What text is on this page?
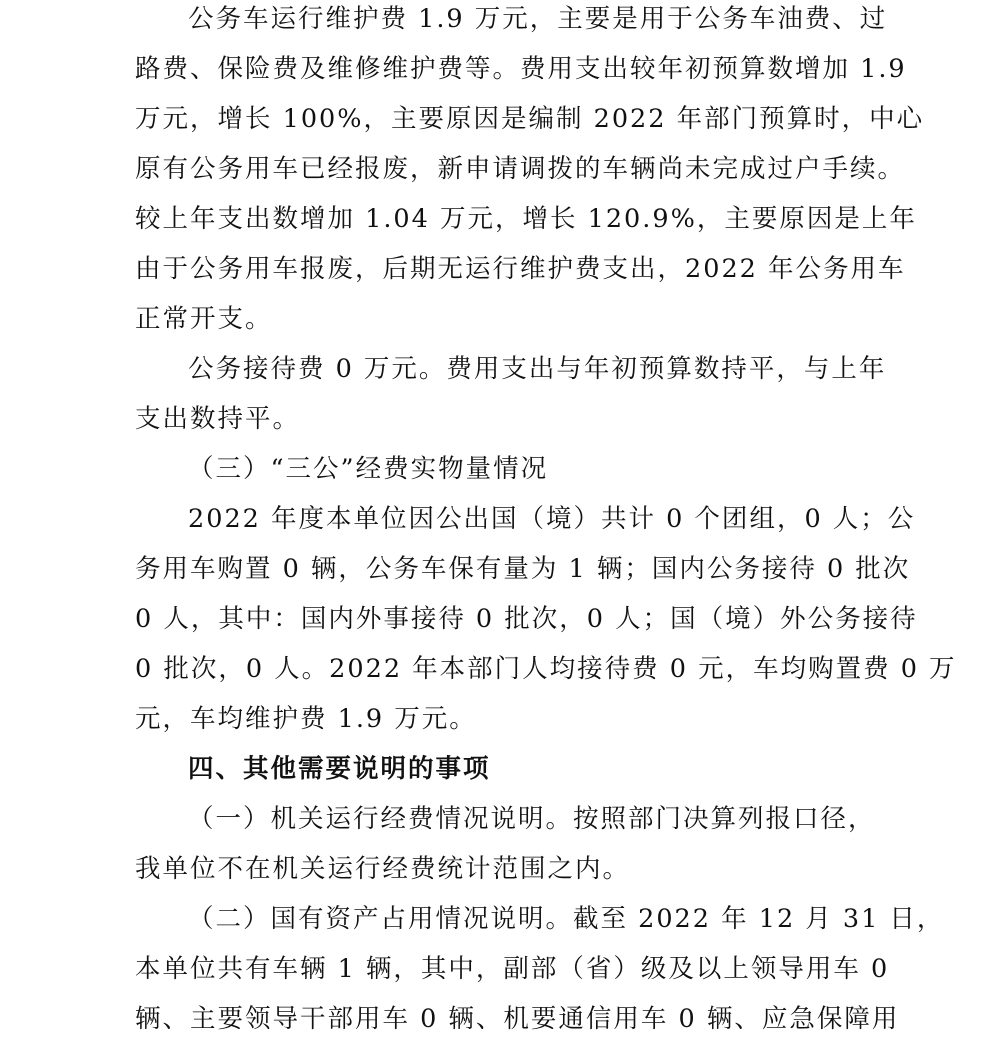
公务车运行维护费 1.9 万元，主要是用于公务车油费、过
路费、保险费及维修维护费等。费用支出较年初预算数增加 1.9
万元，增长 100%，主要原因是编制 2022 年部门预算时，中心
原有公务用车已经报废，新申请调拨的车辆尚未完成过户手续。
较上年支出数增加 1.04 万元，增长 120.9%，主要原因是上年
由于公务用车报废，后期无运行维护费支出，2022 年公务用车
正常开支。
公务接待费 0 万元。费用支出与年初预算数持平，与上年
支出数持平。
（三）“三公”经费实物量情况
2022 年度本单位因公出国（境）共计 0 个团组，0 人；公
务用车购置 0 辆，公务车保有量为 1 辆；国内公务接待 0 批次
0 人，其中：国内外事接待 0 批次，0 人；国（境）外公务接待
0 批次，0 人。2022 年本部门人均接待费 0 元，车均购置费 0 万
元，车均维护费 1.9 万元。
四、其他需要说明的事项
（一）机关运行经费情况说明。按照部门决算列报口径，
我单位不在机关运行经费统计范围之内。
（二）国有资产占用情况说明。截至 2022 年 12 月 31 日，
本单位共有车辆 1 辆，其中，副部（省）级及以上领导用车 0
辆、主要领导干部用车 0 辆、机要通信用车 0 辆、应急保障用
